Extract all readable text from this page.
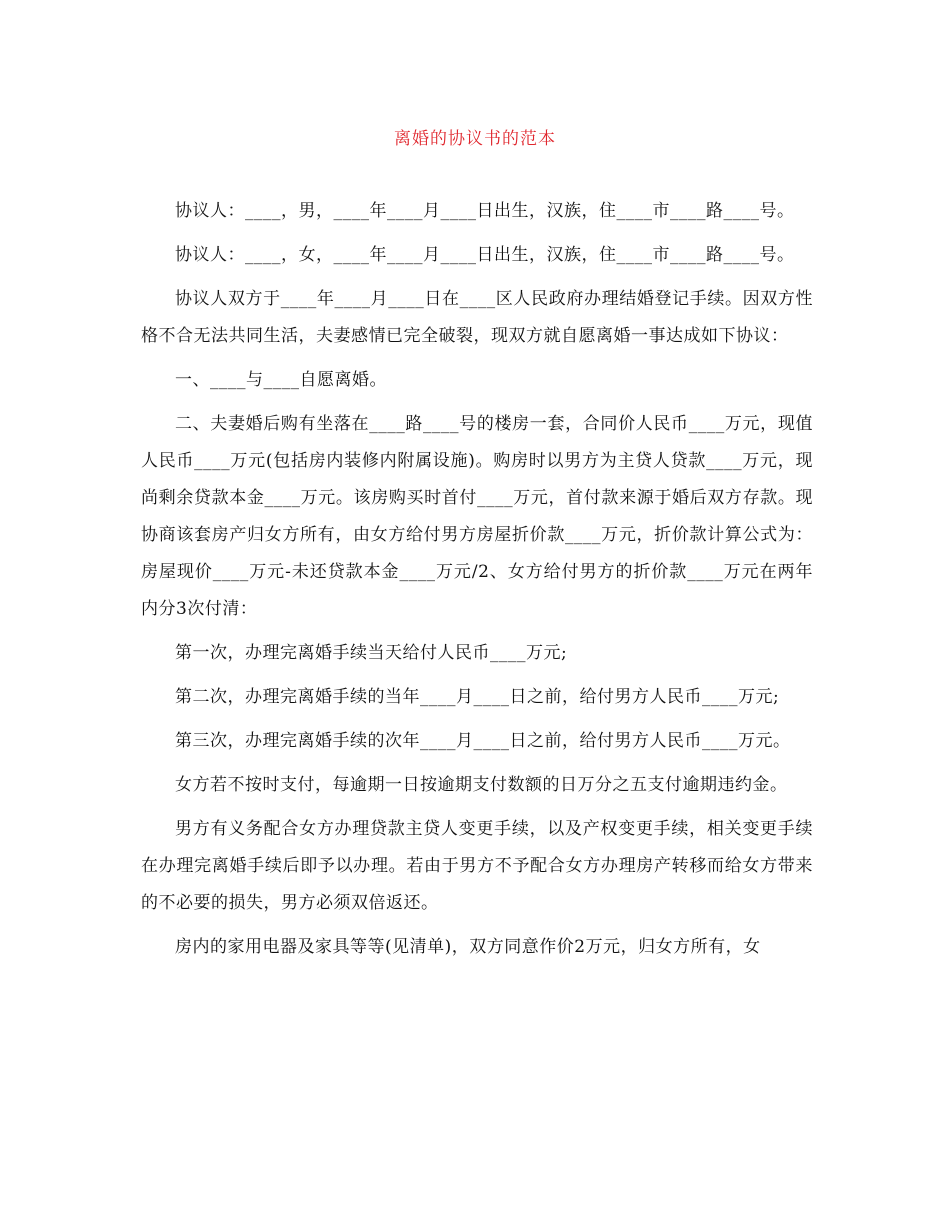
离婚的协议书的范本

协议人：____，男，____年____月____日出生，汉族，住____市____路____号。

协议人：____，女，____年____月____日出生，汉族，住____市____路____号。

协议人双方于____年____月____日在____区人民政府办理结婚登记手续。因双方性格不合无法共同生活，夫妻感情已完全破裂，现双方就自愿离婚一事达成如下协议：

一、____与____自愿离婚。

二、夫妻婚后购有坐落在____路____号的楼房一套，合同价人民币____万元，现值人民币____万元(包括房内装修内附属设施)。购房时以男方为主贷人贷款____万元，现尚剩余贷款本金____万元。该房购买时首付____万元，首付款来源于婚后双方存款。现协商该套房产归女方所有，由女方给付男方房屋折价款____万元，折价款计算公式为：房屋现价____万元-未还贷款本金____万元/2、女方给付男方的折价款____万元在两年内分3次付清：

第一次，办理完离婚手续当天给付人民币____万元;

第二次，办理完离婚手续的当年____月____日之前，给付男方人民币____万元;

第三次，办理完离婚手续的次年____月____日之前，给付男方人民币____万元。

女方若不按时支付，每逾期一日按逾期支付数额的日万分之五支付逾期违约金。

男方有义务配合女方办理贷款主贷人变更手续，以及产权变更手续，相关变更手续在办理完离婚手续后即予以办理。若由于男方不予配合女方办理房产转移而给女方带来的不必要的损失，男方必须双倍返还。

房内的家用电器及家具等等(见清单)，双方同意作价2万元，归女方所有，女
